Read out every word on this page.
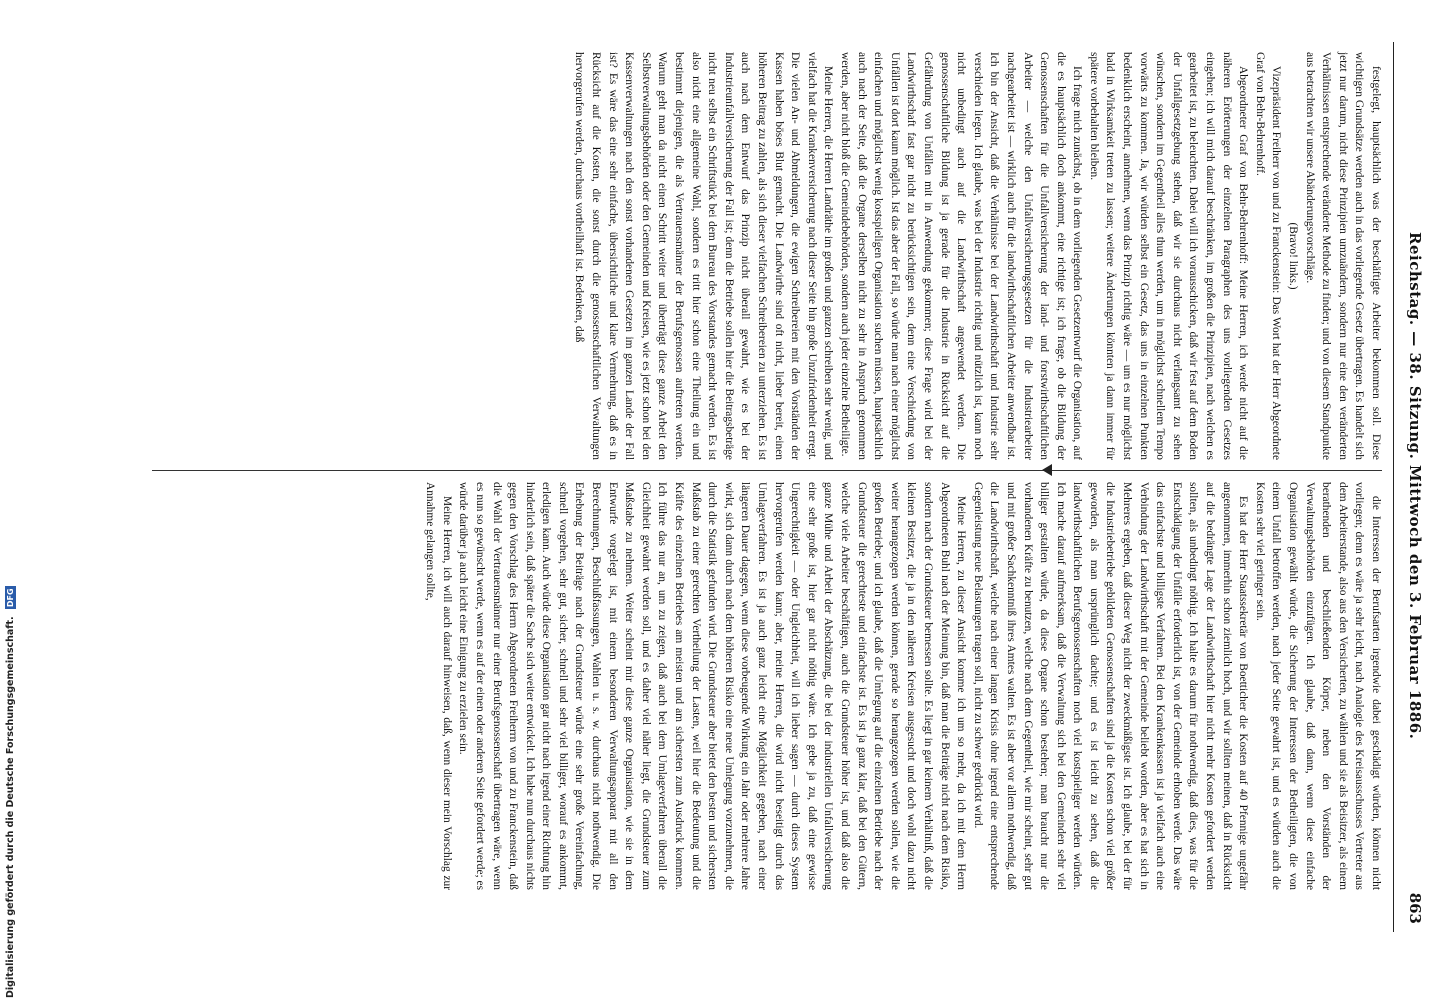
Reichstag. — 38. Sitzung. Mittwoch den 3. Februar 1886.
863

festgelegt, hauptsächlich was der beschäftigte Arbeiter bekommen soll. Diese wichtigen Grundsätze werden auch in das vorliegende Gesetz übertragen. Es handelt sich jetzt nur darum, nicht diese Prinzipien umzuändern, sondern nur eine den veränderten Verhältnissen entsprechende veränderte Methode zu finden; und von diesem Standpunkte aus betrachten wir unsere Abänderungsvorschläge.

(Bravo! links.)

Vizepräsident Freiherr von und zu Franckenstein: Das Wort hat der Herr Abgeordnete Graf von Behr-Behrenhoff.

Abgeordneter Graf von Behr-Behrenhoff: Meine Herren, ich werde nicht auf die näheren Erörterungen der einzelnen Paragraphen des uns vorliegenden Gesetzes eingehen; ich will mich darauf beschränken, im großen die Prinzipien, nach welchen es gearbeitet ist, zu beleuchten. Dabei will ich vorausschicken, daß wir fest auf dem Boden der Unfallgesetzgebung stehen, daß wir sie durchaus nicht verlangsamt zu sehen wünschen, sondern im Gegentheil alles thun werden, um in möglichst schnellem Tempo vorwärts zu kommen. Ja, wir würden selbst ein Gesetz, das uns in einzelnen Punkten bedenklich erscheint, annehmen, wenn das Prinzip richtig wäre — um es nur möglichst bald in Wirksamkeit treten zu lassen; weitere Änderungen könnten ja dann immer für spätere vorbehalten bleiben.

Ich frage mich zunächst, ob in dem vorliegenden Gesetzentwurf die Organisation, auf die es hauptsächlich doch ankommt, eine richtige ist; ich frage, ob die Bildung der Genossenschaften für die Unfallversicherung der land- und forstwirthschaftlichen Arbeiter — welche den Unfallversicherungsgesetzen für die Industriearbeiter nachgearbeitet ist — wirklich auch für die landwirthschaftlichen Arbeiter anwendbar ist. Ich bin der Ansicht, daß die Verhältnisse bei der Landwirthschaft und Industrie sehr verschieden liegen. Ich glaube, was bei der Industrie richtig und nützlich ist, kann noch nicht unbedingt auch auf die Landwirthschaft angewendet werden. Die genossenschaftliche Bildung ist ja gerade für die Industrie in Rücksicht auf die Gefährdung von Unfällen mit in Anwendung gekommen; diese Frage wird bei der Landwirthschaft fast gar nicht zu berücksichtigen sein, denn eine Verschiedung von Unfällen ist dort kaum möglich. Ist das aber der Fall, so würde man nach einer möglichst einfachen und möglichst wenig kostspieligen Organisation suchen müssen, hauptsächlich auch nach der Seite, daß die Organe derselben nicht zu sehr in Anspruch genommen werden, aber nicht bloß die Gemeindebehörden, sondern auch jeder einzelne Betheiligte.

Meine Herren, die Herren Landräthe im großen und ganzen schreiben sehr wenig, und vielfach hat die Krankenversicherung nach dieser Seite hin große Unzufriedenheit erregt. Die vielen An- und Abmeldungen, die ewigen Schreibereien mit den Vorständen der Kassen haben böses Blut gemacht. Die Landwirthe sind oft nicht, lieber bereit, einen höheren Beitrag zu zahlen, als sich dieser vielfachen Schreibereien zu unterziehen. Es ist auch nach dem Entwurf das Prinzip nicht überall gewahrt, wie es bei der Industrieunfallversicherung der Fall ist; denn die Betriebe sollen hier die Beitragsbeträge nicht neu selbst ein Schriftstück bei dem Bureau des Vorstandes gemacht werden. Es ist also nicht eine allgemeine Wahl, sondern es tritt hier schon eine Theilung ein und bestimmt diejenigen, die als Vertrauensmänner der Berufsgenossen auftreten werden. Warum geht man da nicht einen Schritt weiter und überträgt diese ganze Arbeit den Selbstverwaltungsbehörden oder den Gemeinden und Kreisen, wie es jetzt schon bei den Kassenverwaltungen nach den sonst vorhandenen Gesetzen im ganzen Lande der Fall ist? Es wäre das eine sehr einfache, übersichtliche und klare Vermehrung, daß es in Rücksicht auf die Kosten, die sonst durch die genossenschaftlichen Verwaltungen hervorgerufen werden, durchaus vortheilhaft ist. Bedenken, daß

die Interessen der Berufsarten irgendwie dabei geschädigt würden, können nicht vorliegen; denn es wäre ja sehr leicht, nach Analogie des Kreisausschusses Vertreter aus dem Arbeiterstande, also aus den Versicherten, zu wählen und sie als Beisitzer, als einem berathenden und beschließenden Körper, neben den Vorständen der Verwaltungsbehörden einzufügen. Ich glaube, daß dann, wenn diese einfache Organisation gewählt würde, die Sicherung der Interessen der Betheiligten, die von einem Unfall betroffen werden, nach jeder Seite gewahrt ist, und es würden auch die Kosten sehr viel geringer sein.

Es hat der Herr Staatssekretär von Boetticher die Kosten auf 40 Pfennige ungefähr angenommen, immerhin schon ziemlich hoch, und wir sollten meinen, daß in Rücksicht auf die bedrängte Lage der Landwirthschaft hier nicht mehr Kosten gefordert werden sollten, als unbedingt nöthig. Ich halte es darum für nothwendig, daß dies, was für die Entschädigung der Unfälle erforderlich ist, von der Gemeinde erhoben werde. Das wäre das einfachste und billigste Verfahren. Bei den Krankenkassen ist ja vielfach auch eine Verbindung der Landwirthschaft mit der Gemeinde beliebt worden, aber es hat sich in Mehreres ergeben, daß dieser Weg nicht der zweckmäßigste ist. Ich glaube, bei der für die Industriebetriebe gebildeten Genossenschaften sind ja die Kosten schon viel größer geworden, als man ursprünglich dachte; und es ist leicht zu sehen, daß die landwirthschaftlichen Berufsgenossenschaften noch viel kostspieliger werden würden. Ich mache darauf aufmerksam, daß die Verwaltung sich bei den Gemeinden sehr viel billiger gestalten würde, da diese Organe schon bestehen; man braucht nur die vorhandenen Kräfte zu benutzen, welche nach dem Gegentheil, wie mir scheint, sehr gut und mit großer Sachkenntniß ihres Amtes walten. Es ist aber vor allem nothwendig, daß die Landwirthschaft, welche nach einer langen Krisis ohne irgend eine entsprechende Gegenleistung neue Belastungen tragen soll, nicht zu schwer gedrückt wird.

Meine Herren, zu dieser Ansicht komme ich um so mehr, da ich mit dem Herrn Abgeordneten Buhl nach der Meinung bin, daß man die Beiträge nicht nach dem Risiko, sondern nach der Grundsteuer bemessen sollte. Es liegt in gar keinem Verhältniß, daß die kleinen Besitzer, die ja in den näheren Kreisen ausgesucht und doch wohl dazu nicht weiter herangezogen werden können, gerade so herangezogen werden sollen, wie die großen Betriebe; und ich glaube, daß die Umlegung auf die einzelnen Betriebe nach der Grundsteuer die gerechteste und einfachste ist. Es ist ja ganz klar, daß bei den Gütern, welche viele Arbeiter beschäftigen, auch die Grundsteuer höher ist, und daß also die ganze Mühe und Arbeit der Abschätzung, die bei der industriellen Unfallversicherung eine sehr große ist, hier gar nicht nöthig wäre. Ich gebe ja zu, daß eine gewisse Ungerechtigkeit — oder Ungleichheit, will ich lieber sagen — durch dieses System hervorgerufen werden kann; aber, meine Herren, die wird nicht beseitigt durch das Umlageverfahren. Es ist ja auch ganz leicht eine Möglichkeit gegeben, nach einer längeren Dauer dagegen, wenn diese vorbeugende Wirkung ein Jahr oder mehrere Jahre wirkt, sich dann durch nach dem höheren Risiko eine neue Umlegung vorzunehmen, die durch die Statistik gefunden wird. Die Grundsteuer aber bietet den besten und sichersten Maßstab zu einer gerechten Vertheilung der Lasten, weil hier die Bedeutung und die Kräfte des einzelnen Betriebes am meisten und am sichersten zum Ausdruck kommen. Ich führe das nur an, um zu zeigen, daß auch bei dem Umlageverfahren überall die Gleichheit gewahrt werden soll, und es daher viel näher liegt, die Grundsteuer zum Maßstabe zu nehmen. Weiter scheint mir diese ganze Organisation, wie sie in dem Entwurfe vorgelegt ist, mit einem besonderen Verwaltungsapparat mit all den Berechnungen, Beschlußfassungen, Wahlen u. s. w. durchaus nicht nothwendig. Die Erhebung der Beiträge nach der Grundsteuer würde eine sehr große Vereinfachung, schnell vorgehen, sehr gut, sicher, schnell und sehr viel billiger, worauf es ankommt, erledigen kann. Auch würde diese Organisation gar nicht nach irgend einer Richtung hin hinderlich sein, daß später die Sache sich weiter entwickelt. Ich habe nun durchaus nichts gegen den Vorschlag des Herrn Abgeordneten Freiherrn von und zu Franckenstein, daß die Wahl der Vertrauensmänner nur einer Berufsgenossenschaft übertragen wäre, wenn es nun so gewünscht werde, wenn es auf der einen oder anderen Seite gefordert werde; es würde darüber ja auch leicht eine Einigung zu erzielen sein.

Meine Herren, ich will auch darauf hinweisen, daß, wenn dieser mein Vorschlag zur Annahme gelangen sollte,

Digitalisierung gefördert durch die Deutsche Forschungsgemeinschaft. DFG
